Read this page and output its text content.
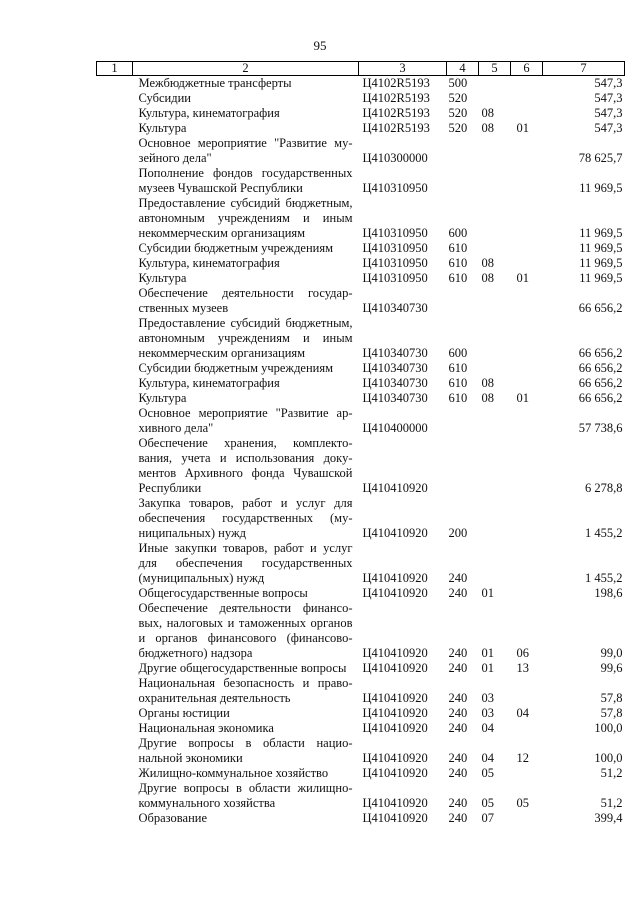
95
1	2	3	4	5	6	7
	Межбюджетные трансферты	Ц4102R5193	500			547,3
	Субсидии	Ц4102R5193	520			547,3
	Культура, кинематография	Ц4102R5193	520	08		547,3
	Культура	Ц4102R5193	520	08	01	547,3
	Основное мероприятие "Развитие музейного дела"	Ц410300000				78 625,7
	Пополнение фондов государственных музеев Чувашской Республики	Ц410310950				11 969,5
	Предоставление субсидий бюджетным, автономным учреждениям и иным некоммерческим организациям	Ц410310950	600			11 969,5
	Субсидии бюджетным учреждениям	Ц410310950	610			11 969,5
	Культура, кинематография	Ц410310950	610	08		11 969,5
	Культура	Ц410310950	610	08	01	11 969,5
	Обеспечение деятельности государственных музеев	Ц410340730				66 656,2
	Предоставление субсидий бюджетным, автономным учреждениям и иным некоммерческим организациям	Ц410340730	600			66 656,2
	Субсидии бюджетным учреждениям	Ц410340730	610			66 656,2
	Культура, кинематография	Ц410340730	610	08		66 656,2
	Культура	Ц410340730	610	08	01	66 656,2
	Основное мероприятие "Развитие архивного дела"	Ц410400000				57 738,6
	Обеспечение хранения, комплектования, учета и использования документов Архивного фонда Чувашской Республики	Ц410410920				6 278,8
	Закупка товаров, работ и услуг для обеспечения государственных (муниципальных) нужд	Ц410410920	200			1 455,2
	Иные закупки товаров, работ и услуг для обеспечения государственных (муниципальных) нужд	Ц410410920	240			1 455,2
	Общегосударственные вопросы	Ц410410920	240	01		198,6
	Обеспечение деятельности финансовых, налоговых и таможенных органов и органов финансового (финансово-бюджетного) надзора	Ц410410920	240	01	06	99,0
	Другие общегосударственные вопросы	Ц410410920	240	01	13	99,6
	Национальная безопасность и правоохранительная деятельность	Ц410410920	240	03		57,8
	Органы юстиции	Ц410410920	240	03	04	57,8
	Национальная экономика	Ц410410920	240	04		100,0
	Другие вопросы в области национальной экономики	Ц410410920	240	04	12	100,0
	Жилищно-коммунальное хозяйство	Ц410410920	240	05		51,2
	Другие вопросы в области жилищно-коммунального хозяйства	Ц410410920	240	05	05	51,2
	Образование	Ц410410920	240	07		399,4
